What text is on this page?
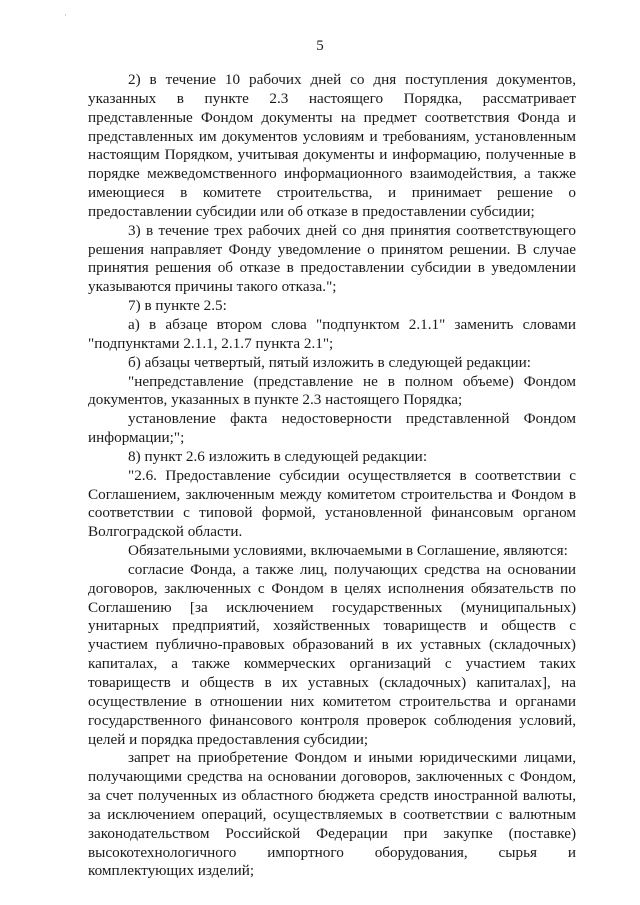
·
5

2) в течение 10 рабочих дней со дня поступления документов, указанных в пункте 2.3 настоящего Порядка, рассматривает представленные Фондом документы на предмет соответствия Фонда и представленных им документов условиям и требованиям, установленным настоящим Порядком, учитывая документы и информацию, полученные в порядке межведомственного информационного взаимодействия, а также имеющиеся в комитете строительства, и принимает решение о предоставлении субсидии или об отказе в предоставлении субсидии;

3) в течение трех рабочих дней со дня принятия соответствующего решения направляет Фонду уведомление о принятом решении. В случае принятия решения об отказе в предоставлении субсидии в уведомлении указываются причины такого отказа.";

7) в пункте 2.5:

а) в абзаце втором слова "подпунктом 2.1.1" заменить словами "подпунктами 2.1.1, 2.1.7 пункта 2.1";

б) абзацы четвертый, пятый изложить в следующей редакции:

"непредставление (представление не в полном объеме) Фондом документов, указанных в пункте 2.3 настоящего Порядка;

установление факта недостоверности представленной Фондом информации;";

8) пункт 2.6 изложить в следующей редакции:

"2.6. Предоставление субсидии осуществляется в соответствии с Соглашением, заключенным между комитетом строительства и Фондом в соответствии с типовой формой, установленной финансовым органом Волгоградской области.

Обязательными условиями, включаемыми в Соглашение, являются:

согласие Фонда, а также лиц, получающих средства на основании договоров, заключенных с Фондом в целях исполнения обязательств по Соглашению [за исключением государственных (муниципальных) унитарных предприятий, хозяйственных товариществ и обществ с участием публично-правовых образований в их уставных (складочных) капиталах, а также коммерческих организаций с участием таких товариществ и обществ в их уставных (складочных) капиталах], на осуществление в отношении них комитетом строительства и органами государственного финансового контроля проверок соблюдения условий, целей и порядка предоставления субсидии;

запрет на приобретение Фондом и иными юридическими лицами, получающими средства на основании договоров, заключенных с Фондом, за счет полученных из областного бюджета средств иностранной валюты, за исключением операций, осуществляемых в соответствии с валютным законодательством Российской Федерации при закупке (поставке) высокотехнологичного импортного оборудования, сырья и комплектующих изделий;
